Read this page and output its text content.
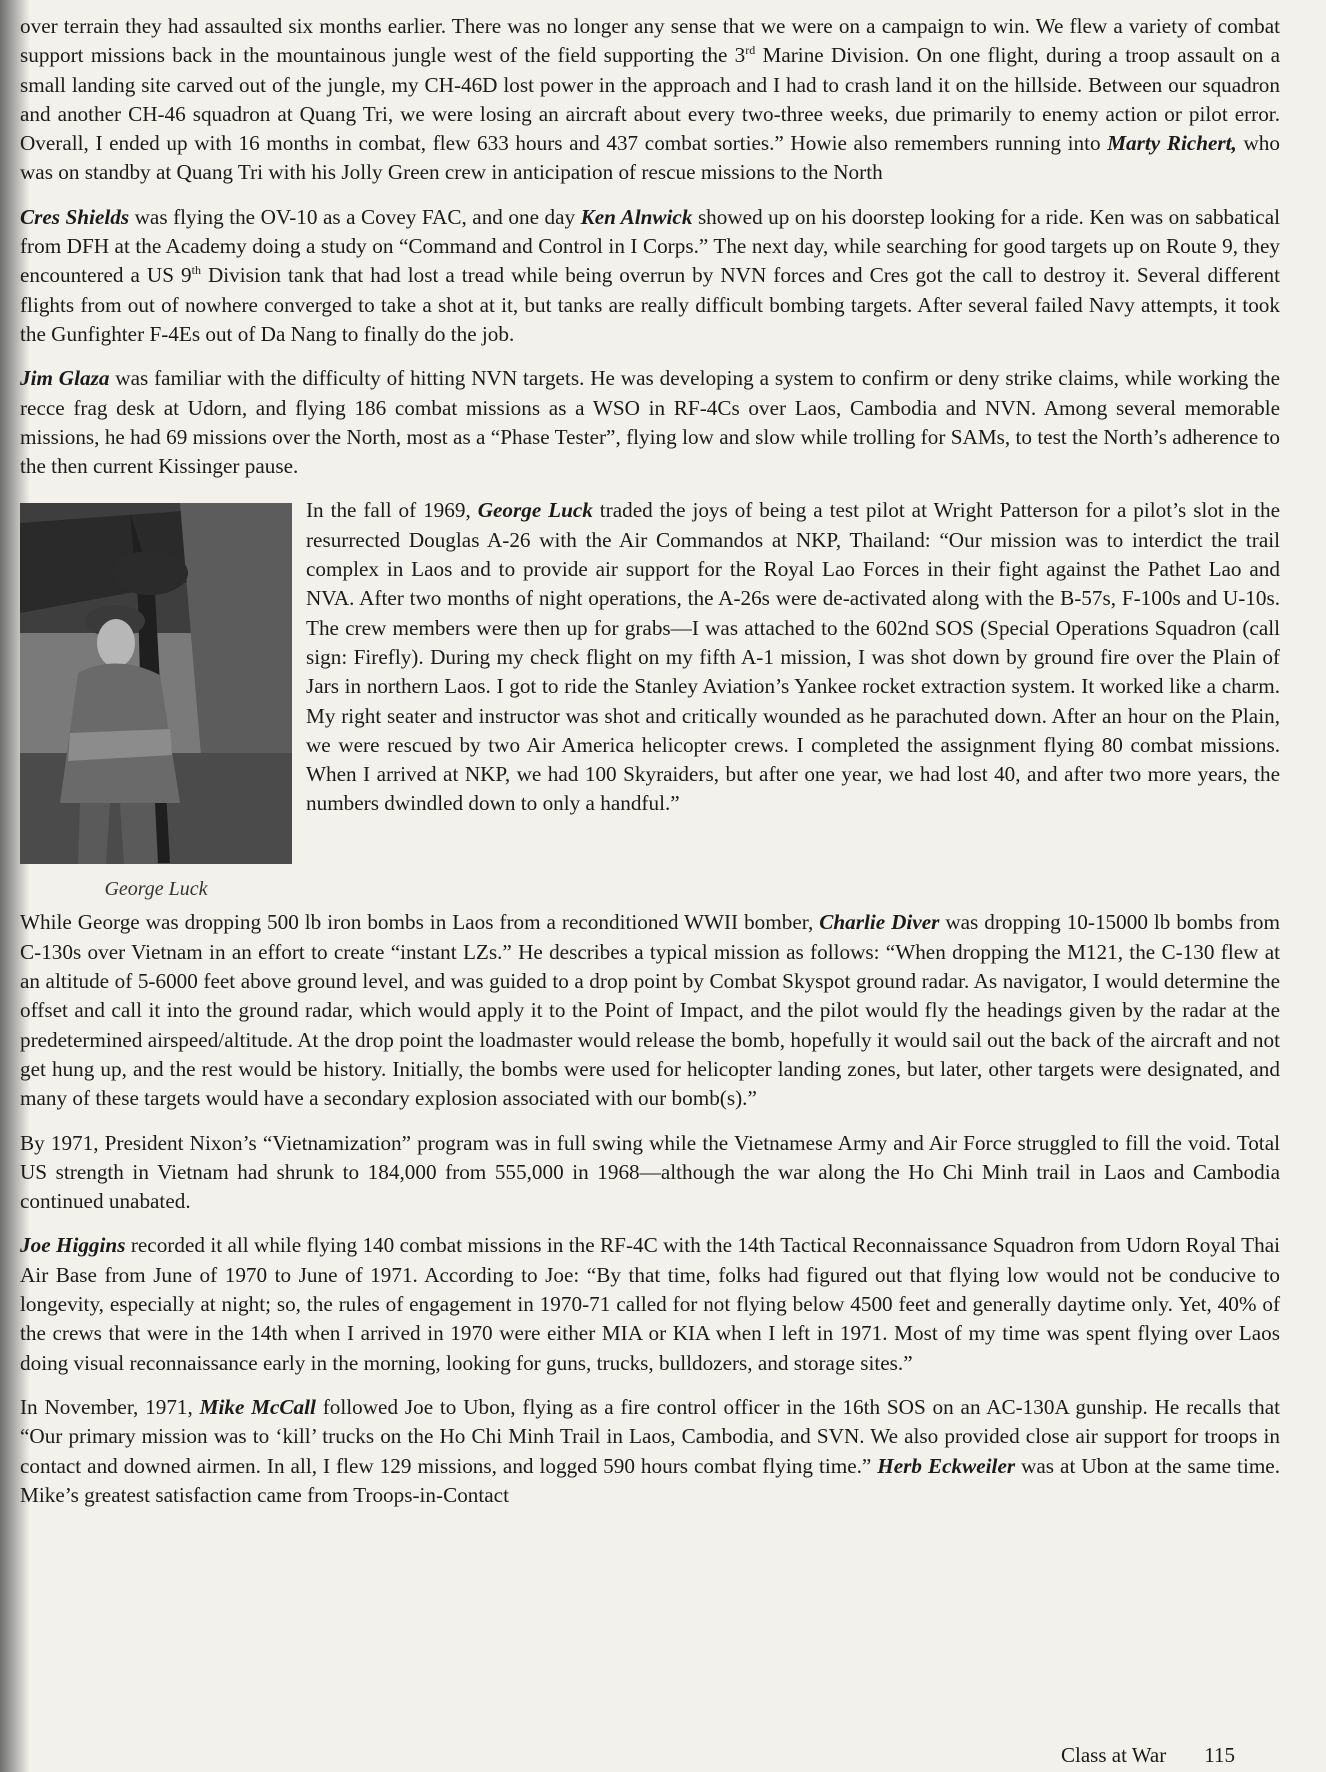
over terrain they had assaulted six months earlier. There was no longer any sense that we were on a campaign to win. We flew a variety of combat support missions back in the mountainous jungle west of the field supporting the 3rd Marine Division. On one flight, during a troop assault on a small landing site carved out of the jungle, my CH-46D lost power in the approach and I had to crash land it on the hillside. Between our squadron and another CH-46 squadron at Quang Tri, we were losing an aircraft about every two-three weeks, due primarily to enemy action or pilot error. Overall, I ended up with 16 months in combat, flew 633 hours and 437 combat sorties.” Howie also remembers running into Marty Richert, who was on standby at Quang Tri with his Jolly Green crew in anticipation of rescue missions to the North

Cres Shields was flying the OV-10 as a Covey FAC, and one day Ken Alnwick showed up on his doorstep looking for a ride. Ken was on sabbatical from DFH at the Academy doing a study on “Command and Control in I Corps.” The next day, while searching for good targets up on Route 9, they encountered a US 9th Division tank that had lost a tread while being overrun by NVN forces and Cres got the call to destroy it. Several different flights from out of nowhere converged to take a shot at it, but tanks are really difficult bombing targets. After several failed Navy attempts, it took the Gunfighter F-4Es out of Da Nang to finally do the job.

Jim Glaza was familiar with the difficulty of hitting NVN targets. He was developing a system to confirm or deny strike claims, while working the recce frag desk at Udorn, and flying 186 combat missions as a WSO in RF-4Cs over Laos, Cambodia and NVN. Among several memorable missions, he had 69 missions over the North, most as a “Phase Tester”, flying low and slow while trolling for SAMs, to test the North’s adherence to the then current Kissinger pause.

George Luck

In the fall of 1969, George Luck traded the joys of being a test pilot at Wright Patterson for a pilot’s slot in the resurrected Douglas A-26 with the Air Commandos at NKP, Thailand: “Our mission was to interdict the trail complex in Laos and to provide air support for the Royal Lao Forces in their fight against the Pathet Lao and NVA. After two months of night operations, the A-26s were de-activated along with the B-57s, F-100s and U-10s. The crew members were then up for grabs—I was attached to the 602nd SOS (Special Operations Squadron (call sign: Firefly). During my check flight on my fifth A-1 mission, I was shot down by ground fire over the Plain of Jars in northern Laos. I got to ride the Stanley Aviation’s Yankee rocket extraction system. It worked like a charm. My right seater and instructor was shot and critically wounded as he parachuted down. After an hour on the Plain, we were rescued by two Air America helicopter crews. I completed the assignment flying 80 combat missions. When I arrived at NKP, we had 100 Skyraiders, but after one year, we had lost 40, and after two more years, the numbers dwindled down to only a handful.”

While George was dropping 500 lb iron bombs in Laos from a reconditioned WWII bomber, Charlie Diver was dropping 10-15000 lb bombs from C-130s over Vietnam in an effort to create “instant LZs.” He describes a typical mission as follows: “When dropping the M121, the C-130 flew at an altitude of 5-6000 feet above ground level, and was guided to a drop point by Combat Skyspot ground radar. As navigator, I would determine the offset and call it into the ground radar, which would apply it to the Point of Impact, and the pilot would fly the headings given by the radar at the predetermined airspeed/altitude. At the drop point the loadmaster would release the bomb, hopefully it would sail out the back of the aircraft and not get hung up, and the rest would be history. Initially, the bombs were used for helicopter landing zones, but later, other targets were designated, and many of these targets would have a secondary explosion associated with our bomb(s).”

By 1971, President Nixon’s “Vietnamization” program was in full swing while the Vietnamese Army and Air Force struggled to fill the void. Total US strength in Vietnam had shrunk to 184,000 from 555,000 in 1968—although the war along the Ho Chi Minh trail in Laos and Cambodia continued unabated.

Joe Higgins recorded it all while flying 140 combat missions in the RF-4C with the 14th Tactical Reconnaissance Squadron from Udorn Royal Thai Air Base from June of 1970 to June of 1971. According to Joe: “By that time, folks had figured out that flying low would not be conducive to longevity, especially at night; so, the rules of engagement in 1970-71 called for not flying below 4500 feet and generally daytime only. Yet, 40% of the crews that were in the 14th when I arrived in 1970 were either MIA or KIA when I left in 1971. Most of my time was spent flying over Laos doing visual reconnaissance early in the morning, looking for guns, trucks, bulldozers, and storage sites.”

In November, 1971, Mike McCall followed Joe to Ubon, flying as a fire control officer in the 16th SOS on an AC-130A gunship. He recalls that “Our primary mission was to ‘kill’ trucks on the Ho Chi Minh Trail in Laos, Cambodia, and SVN. We also provided close air support for troops in contact and downed airmen. In all, I flew 129 missions, and logged 590 hours combat flying time.” Herb Eckweiler was at Ubon at the same time. Mike’s greatest satisfaction came from Troops-in-Contact

Class at War 115
